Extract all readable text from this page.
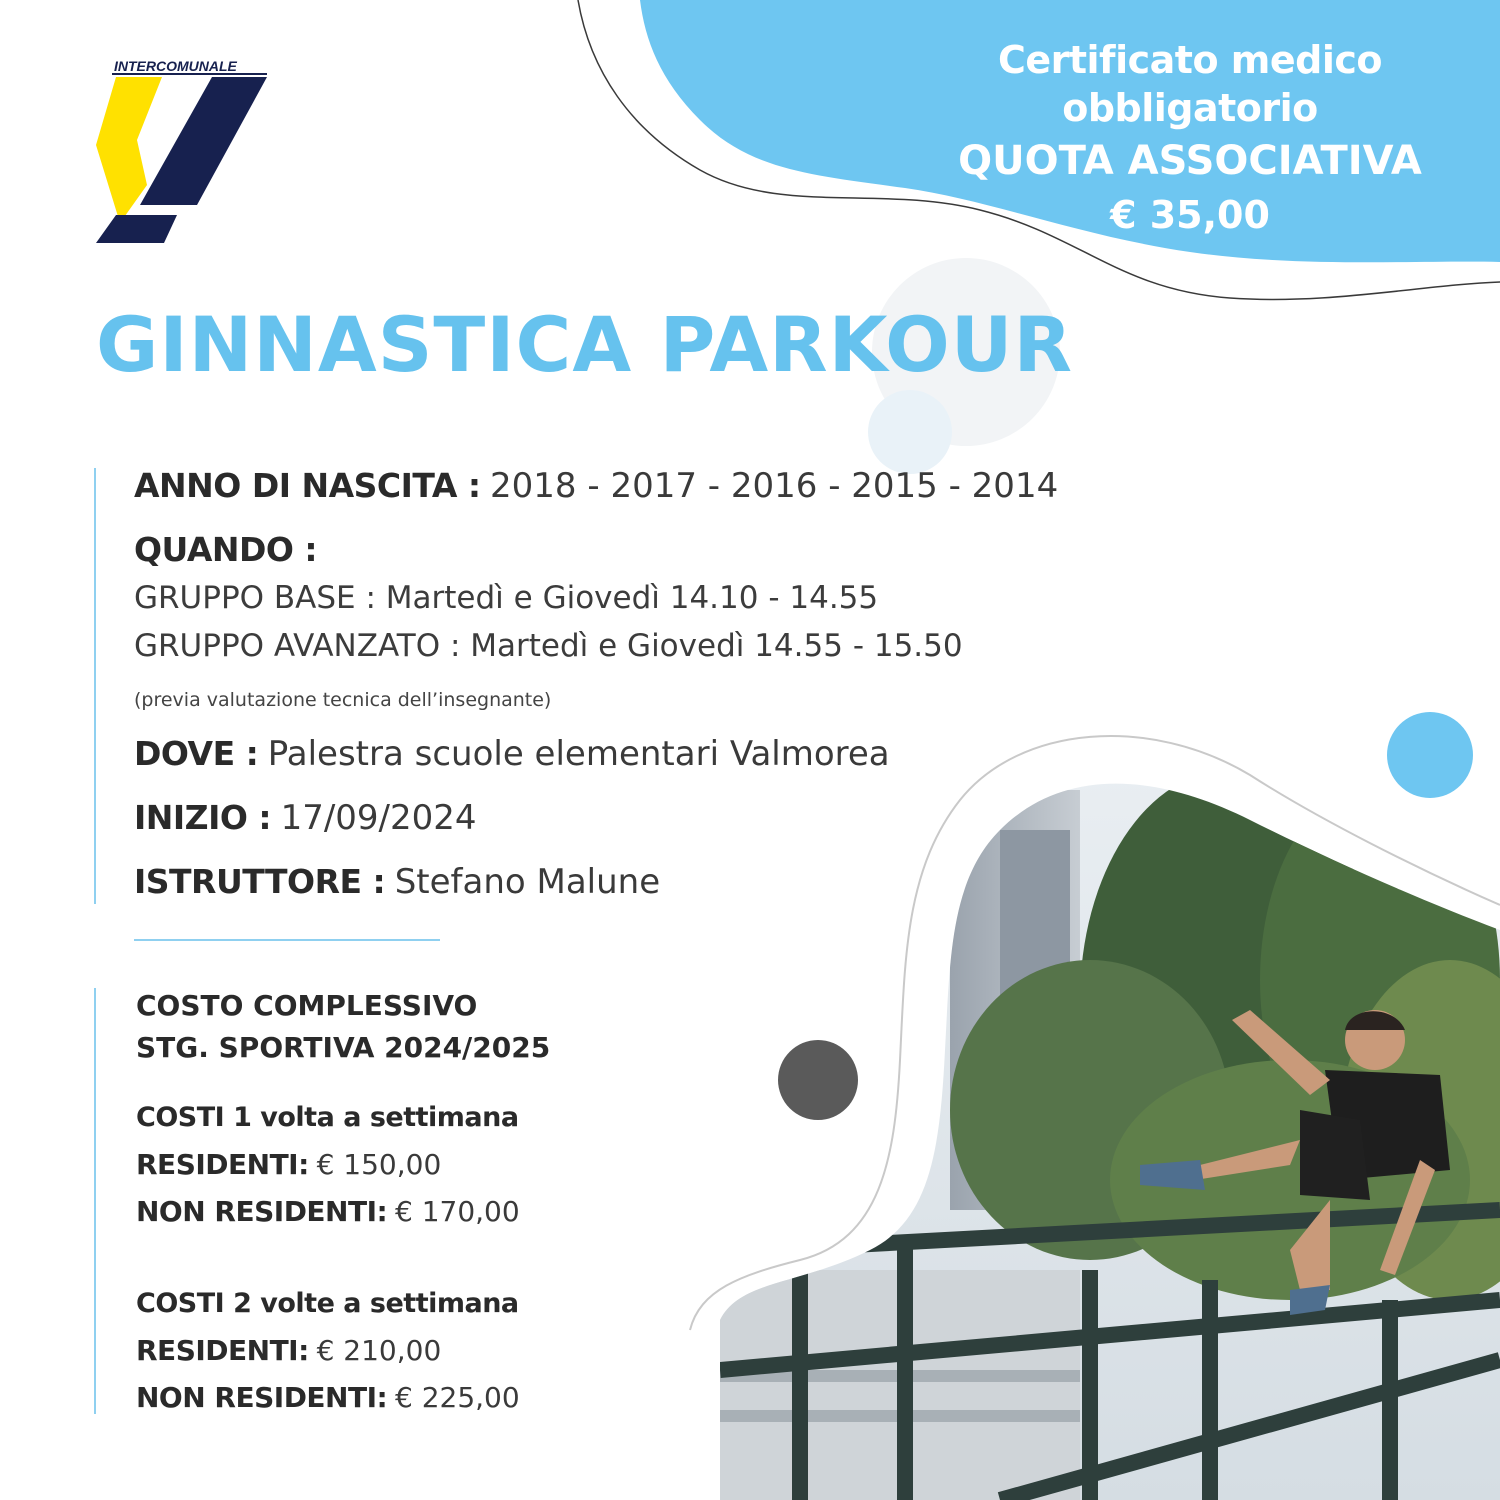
INTERCOMUNALE	Certificato medico obbligatorio
QUOTA ASSOCIATIVA
€ 35,00
GINNASTICA PARKOUR
ANNO DI NASCITA : 2018 - 2017 - 2016 - 2015 - 2014
QUANDO :
GRUPPO BASE : Martedì e Giovedì 14.10 - 14.55
GRUPPO AVANZATO : Martedì e Giovedì 14.55 - 15.50
(previa valutazione tecnica dell’insegnante)
DOVE : Palestra scuole elementari Valmorea
INIZIO : 17/09/2024
ISTRUTTORE : Stefano Malune
COSTO COMPLESSIVO
STG. SPORTIVA 2024/2025
COSTI 1 volta a settimana
RESIDENTI: € 150,00
NON RESIDENTI: € 170,00
COSTI 2 volte a settimana
RESIDENTI: € 210,00
NON RESIDENTI: € 225,00
